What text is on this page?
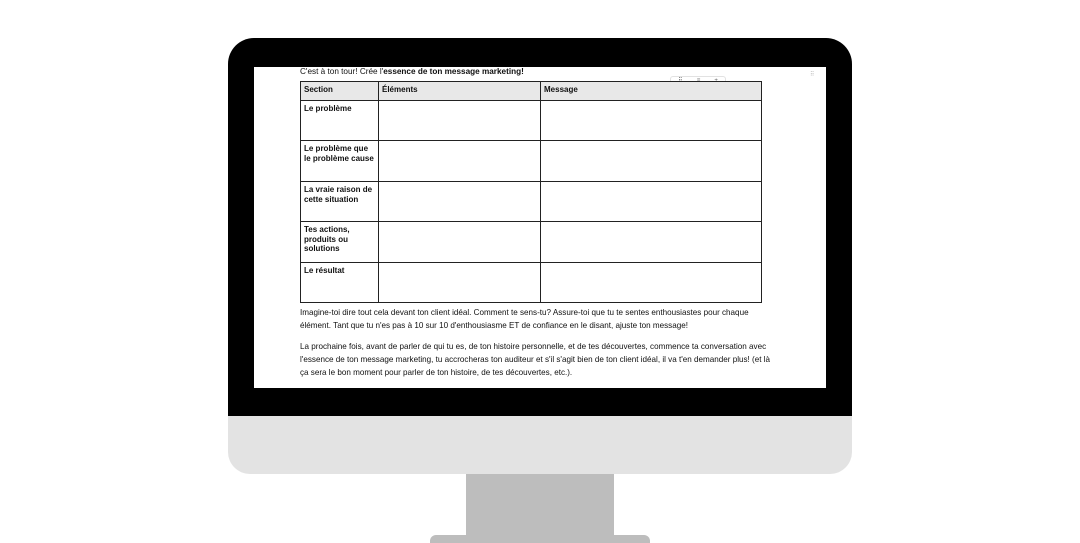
C'est à ton tour! Crée l'essence de ton message marketing!	⠿
Section	Éléments	Message
Le problème		
Le problème que le problème cause		
La vraie raison de cette situation		
Tes actions, produits ou solutions		
Le résultat		

Imagine-toi dire tout cela devant ton client idéal. Comment te sens-tu? Assure-toi que tu te sentes enthousiastes pour chaque élément. Tant que tu n'es pas à 10 sur 10 d'enthousiasme ET de confiance en le disant, ajuste ton message!

La prochaine fois, avant de parler de qui tu es, de ton histoire personnelle, et de tes découvertes, commence ta conversation avec l'essence de ton message marketing, tu accrocheras ton auditeur et s'il s'agit bien de ton client idéal, il va t'en demander plus! (et là ça sera le bon moment pour parler de ton histoire, de tes découvertes, etc.).
